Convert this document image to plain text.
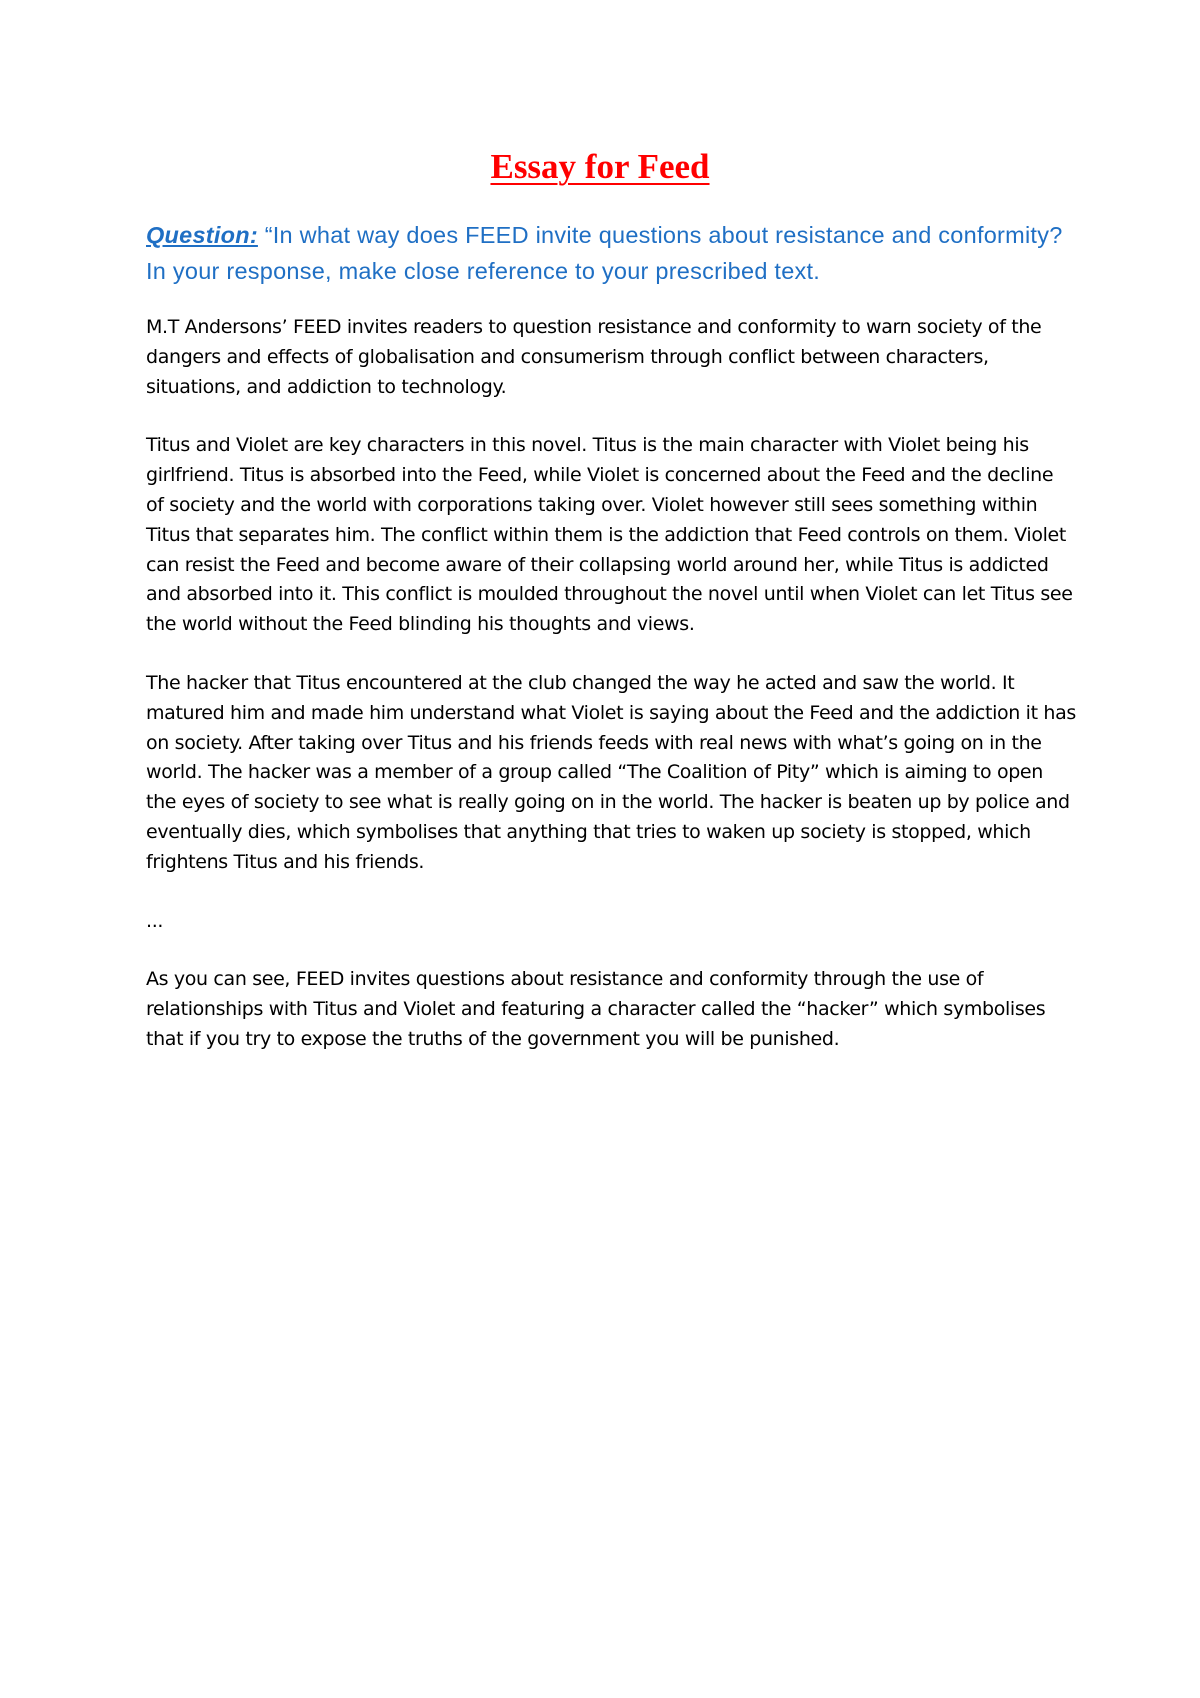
Essay for Feed
Question: “In what way does FEED invite questions about resistance and conformity? In your response, make close reference to your prescribed text.

M.T Andersons’ FEED invites readers to question resistance and conformity to warn society of the dangers and effects of globalisation and consumerism through conflict between characters, situations, and addiction to technology.

Titus and Violet are key characters in this novel. Titus is the main character with Violet being his girlfriend. Titus is absorbed into the Feed, while Violet is concerned about the Feed and the decline of society and the world with corporations taking over. Violet however still sees something within Titus that separates him. The conflict within them is the addiction that Feed controls on them. Violet can resist the Feed and become aware of their collapsing world around her, while Titus is addicted and absorbed into it. This conflict is moulded throughout the novel until when Violet can let Titus see the world without the Feed blinding his thoughts and views.

The hacker that Titus encountered at the club changed the way he acted and saw the world. It matured him and made him understand what Violet is saying about the Feed and the addiction it has on society. After taking over Titus and his friends feeds with real news with what’s going on in the world. The hacker was a member of a group called “The Coalition of Pity” which is aiming to open the eyes of society to see what is really going on in the world. The hacker is beaten up by police and eventually dies, which symbolises that anything that tries to waken up society is stopped, which frightens Titus and his friends.

...

As you can see, FEED invites questions about resistance and conformity through the use of relationships with Titus and Violet and featuring a character called the “hacker” which symbolises that if you try to expose the truths of the government you will be punished.
